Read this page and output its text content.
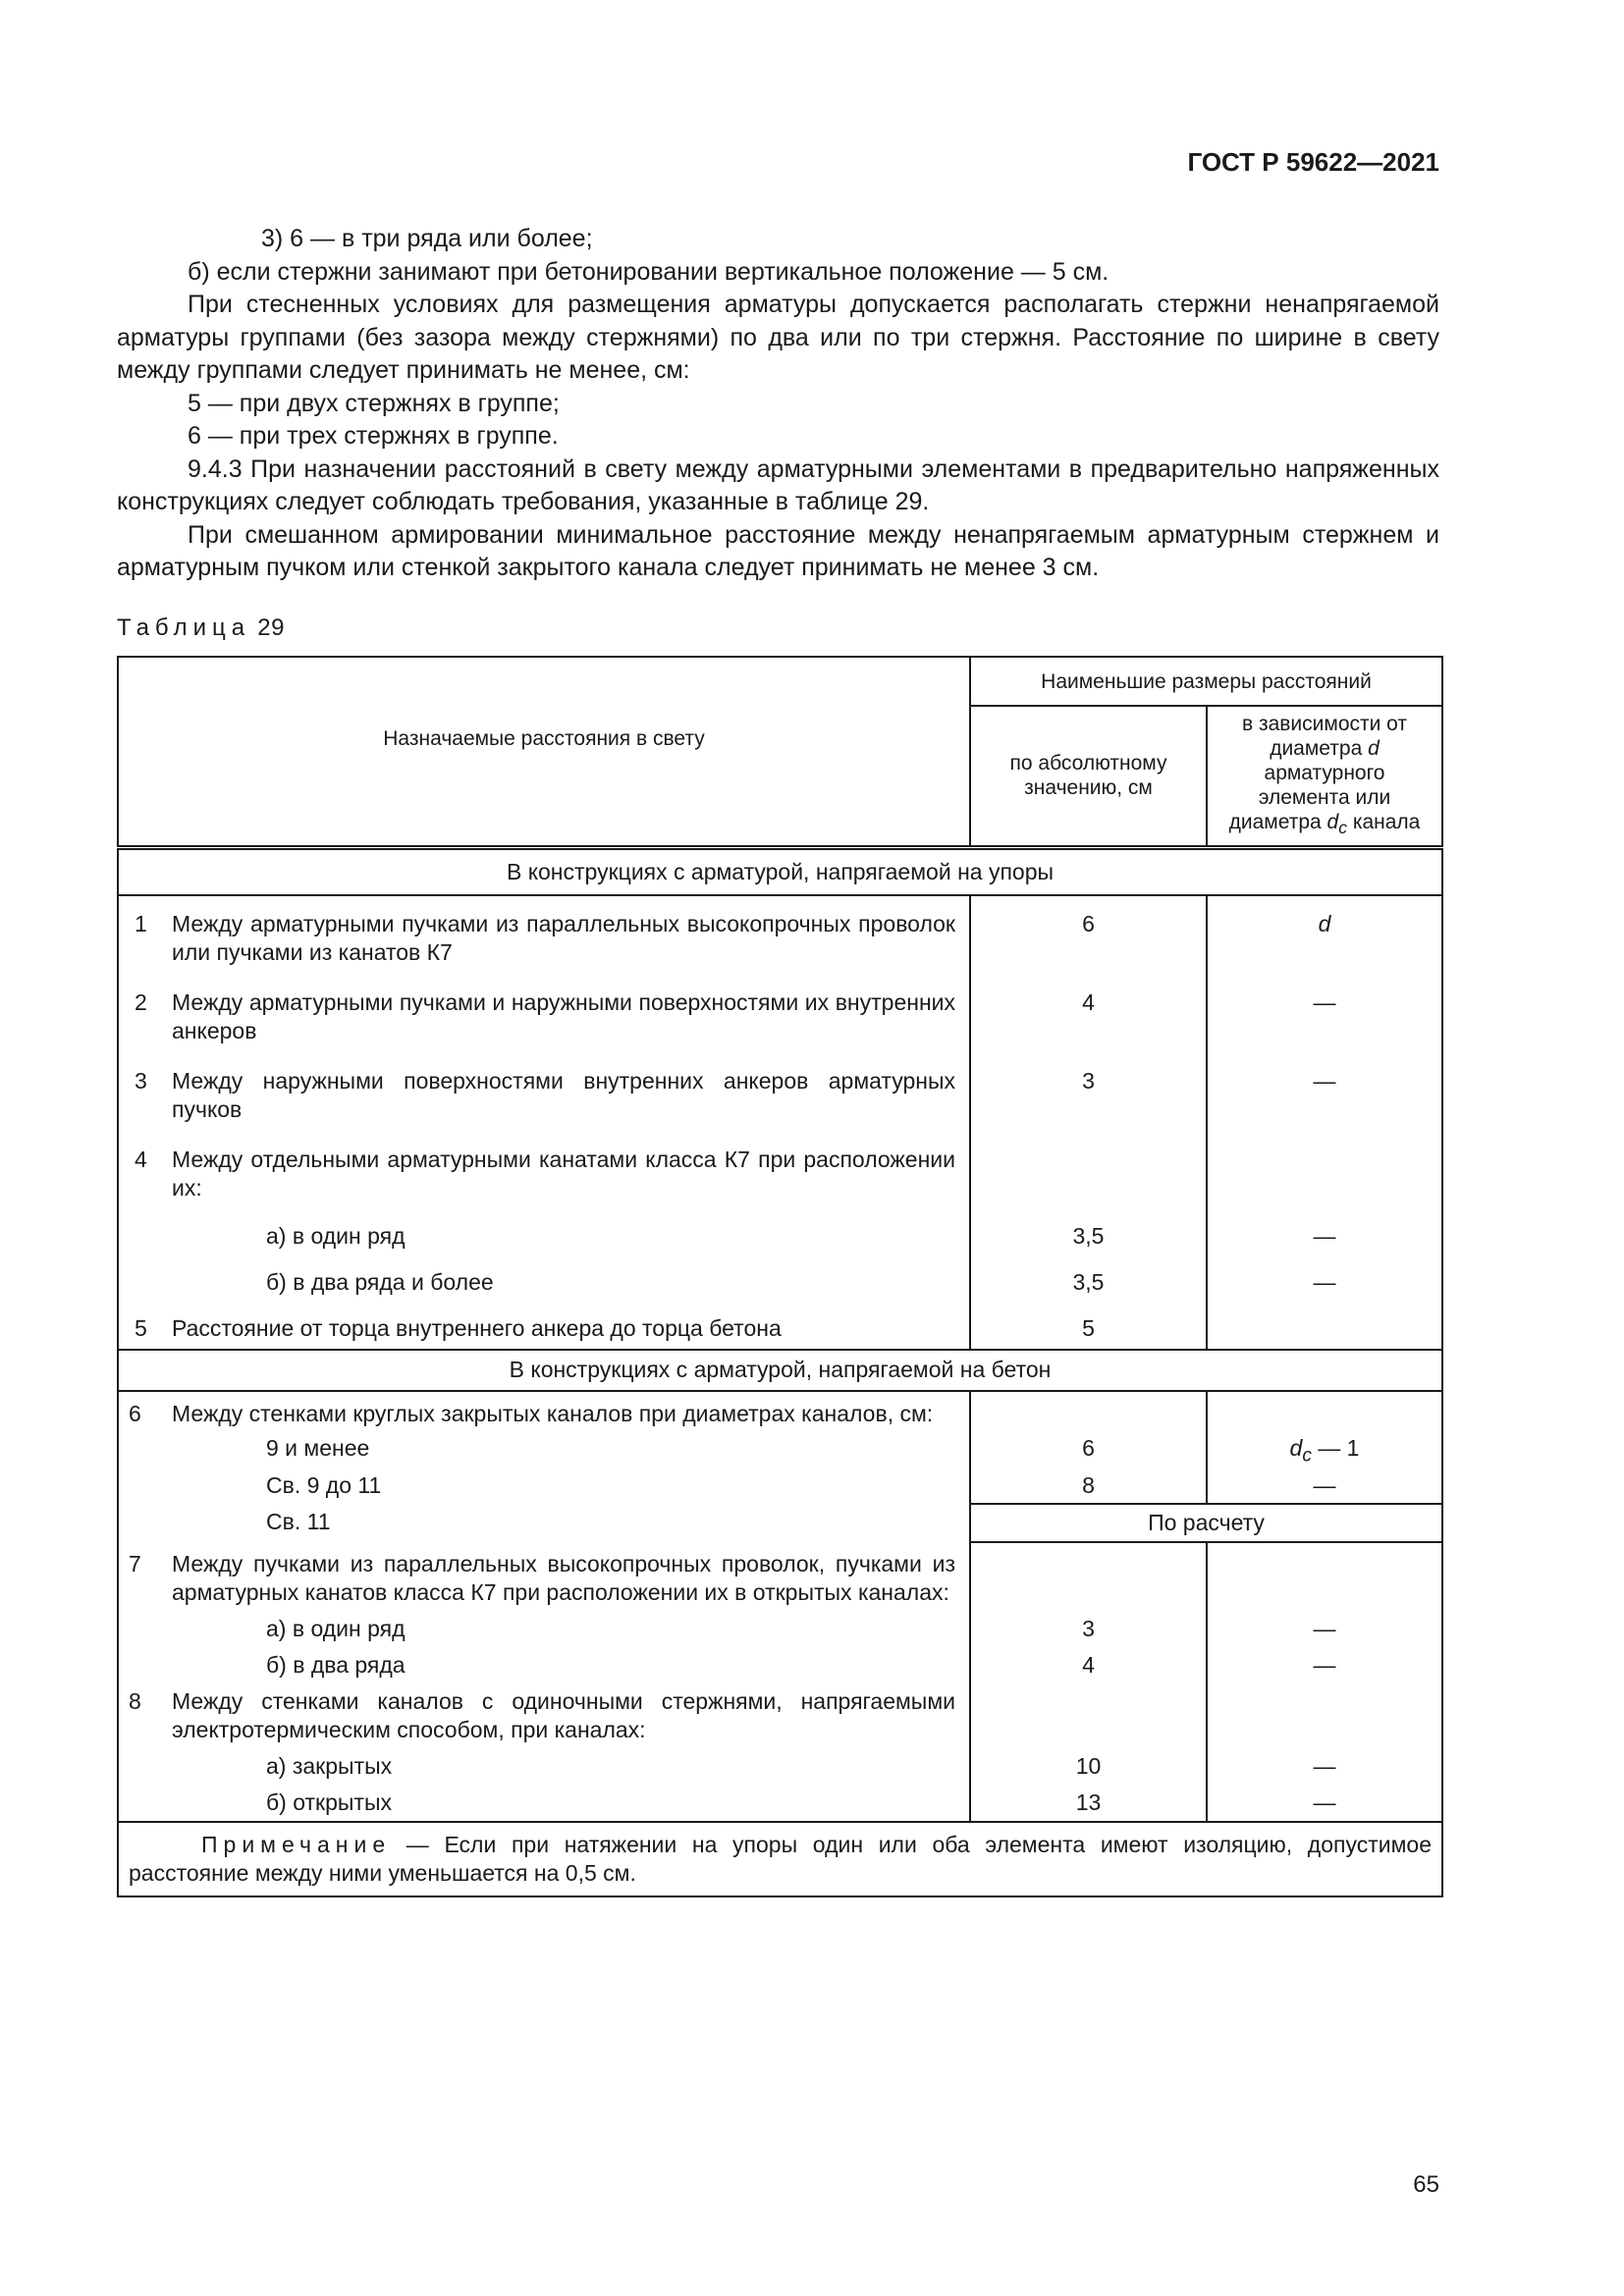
ГОСТ Р 59622—2021

3) 6 — в три ряда или более;

б) если стержни занимают при бетонировании вертикальное положение — 5 см.

При стесненных условиях для размещения арматуры допускается располагать стержни ненапрягаемой арматуры группами (без зазора между стержнями) по два или по три стержня. Расстояние по ширине в свету между группами следует принимать не менее, см:

5 — при двух стержнях в группе;

6 — при трех стержнях в группе.

9.4.3 При назначении расстояний в свету между арматурными элементами в предварительно напряженных конструкциях следует соблюдать требования, указанные в таблице 29.

При смешанном армировании минимальное расстояние между ненапрягаемым арматурным стержнем и арматурным пучком или стенкой закрытого канала следует принимать не менее 3 см.

Таблица 29
Назначаемые расстояния в свету	Наименьшие размеры расстояний	
	по абсолютному значению, см	в зависимости от диаметра d арматурного элемента или диаметра $d_c$ канала
В конструкциях с арматурой, напрягаемой на упоры		

1 Между арматурными пучками из параллельных высокопрочных проволок или пучками из канатов К7	6	d

2 Между арматурными пучками и наружными поверхностями их внутренних анкеров	4	—

3 Между наружными поверхностями внутренних анкеров арматурных пучков	3	—

4 Между отдельными арматурными канатами класса К7 при расположении их:		

а) в один ряд	3,5	—

б) в два ряда и более	3,5	—

5 Расстояние от торца внутреннего анкера до торца бетона	5	
В конструкциях с арматурой, напрягаемой на бетон		

6 Между стенками круглых закрытых каналов при диаметрах каналов, см:		

9 и менее	6	$d_c$ — 1

Св. 9 до 11	8	—

Св. 11	По расчету	

7 Между пучками из параллельных высокопрочных проволок, пучками из арматурных канатов класса К7 при расположении их в открытых каналах:		

а) в один ряд	3	—

б) в два ряда	4	—

8 Между стенками каналов с одиночными стержнями, напрягаемыми электротермическим способом, при каналах:		

а) закрытых	10	—

б) открытых	13	—
Примечание — Если при натяжении на упоры один или оба элемента имеют изоляцию, допустимое расстояние между ними уменьшается на 0,5 см.		
65
